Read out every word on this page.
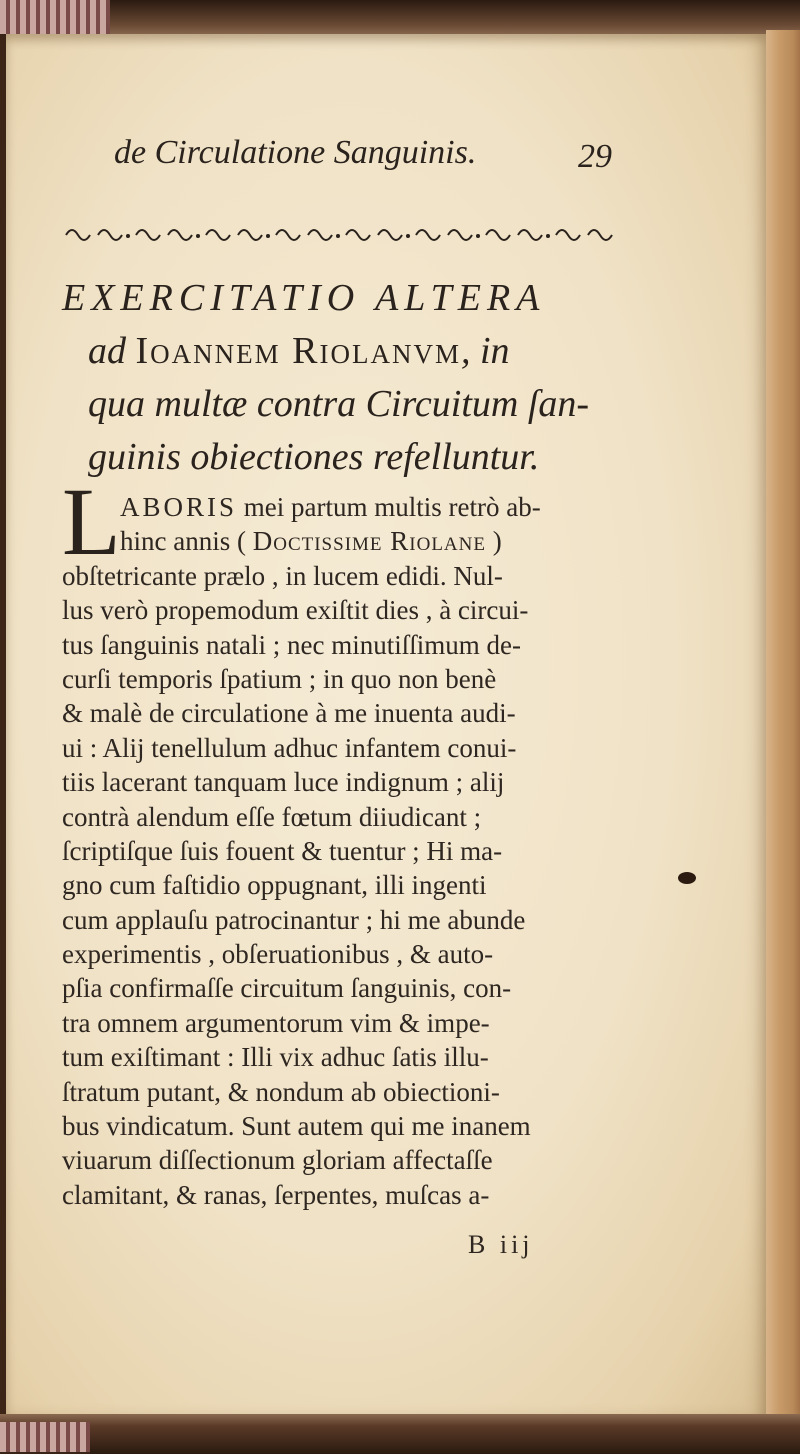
de Circulatione Sanguinis.	29
EXERCITATIO ALTERA
ad Ioannem Riolanvm, in
qua multæ contra Circuitum ſan-
guinis obiectiones refelluntur.
L ABORIS mei partum multis retrò ab-
hinc annis ( Doctissime Riolane )
obſtetricante prælo , in lucem edidi. Nul-
lus verò propemodum exiſtit dies , à circui-
tus ſanguinis natali ; nec minutiſſimum de-
curſi temporis ſpatium ; in quo non benè
& malè de circulatione à me inuenta audi-
ui : Alij tenellulum adhuc infantem conui-
tiis lacerant tanquam luce indignum ; alij
contrà alendum eſſe fœtum diiudicant ;
ſcriptiſque ſuis fouent & tuentur ; Hi ma-
gno cum faſtidio oppugnant, illi ingenti
cum applauſu patrocinantur ; hi me abunde
experimentis , obſeruationibus , & auto-
pſia confirmaſſe circuitum ſanguinis, con-
tra omnem argumentorum vim & impe-
tum exiſtimant : Illi vix adhuc ſatis illu-
ſtratum putant, & nondum ab obiectioni-
bus vindicatum. Sunt autem qui me inanem
viuarum diſſectionum gloriam affectaſſe
clamitant, & ranas, ſerpentes, muſcas a-
B iij
